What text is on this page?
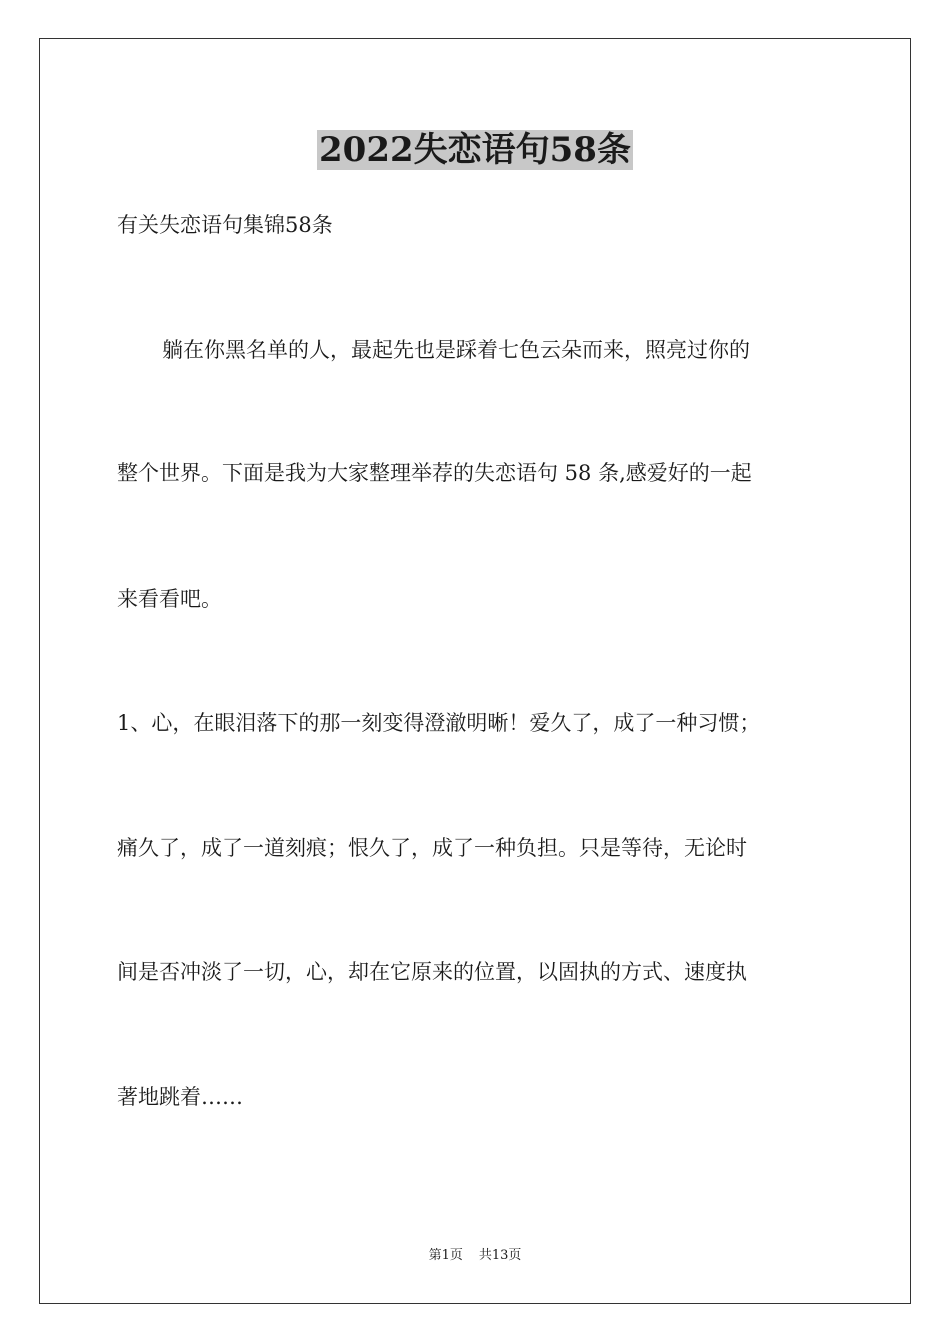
2022失恋语句58条
有关失恋语句集锦58条
躺在你黑名单的人，最起先也是踩着七色云朵而来，照亮过你的
整个世界。下面是我为大家整理举荐的失恋语句 58 条,感爱好的一起
来看看吧。
1、心，在眼泪落下的那一刻变得澄澈明晰！爱久了，成了一种习惯；
痛久了，成了一道刻痕；恨久了，成了一种负担。只是等待，无论时
间是否冲淡了一切，心，却在它原来的位置，以固执的方式、速度执
著地跳着……
第1页 共13页
